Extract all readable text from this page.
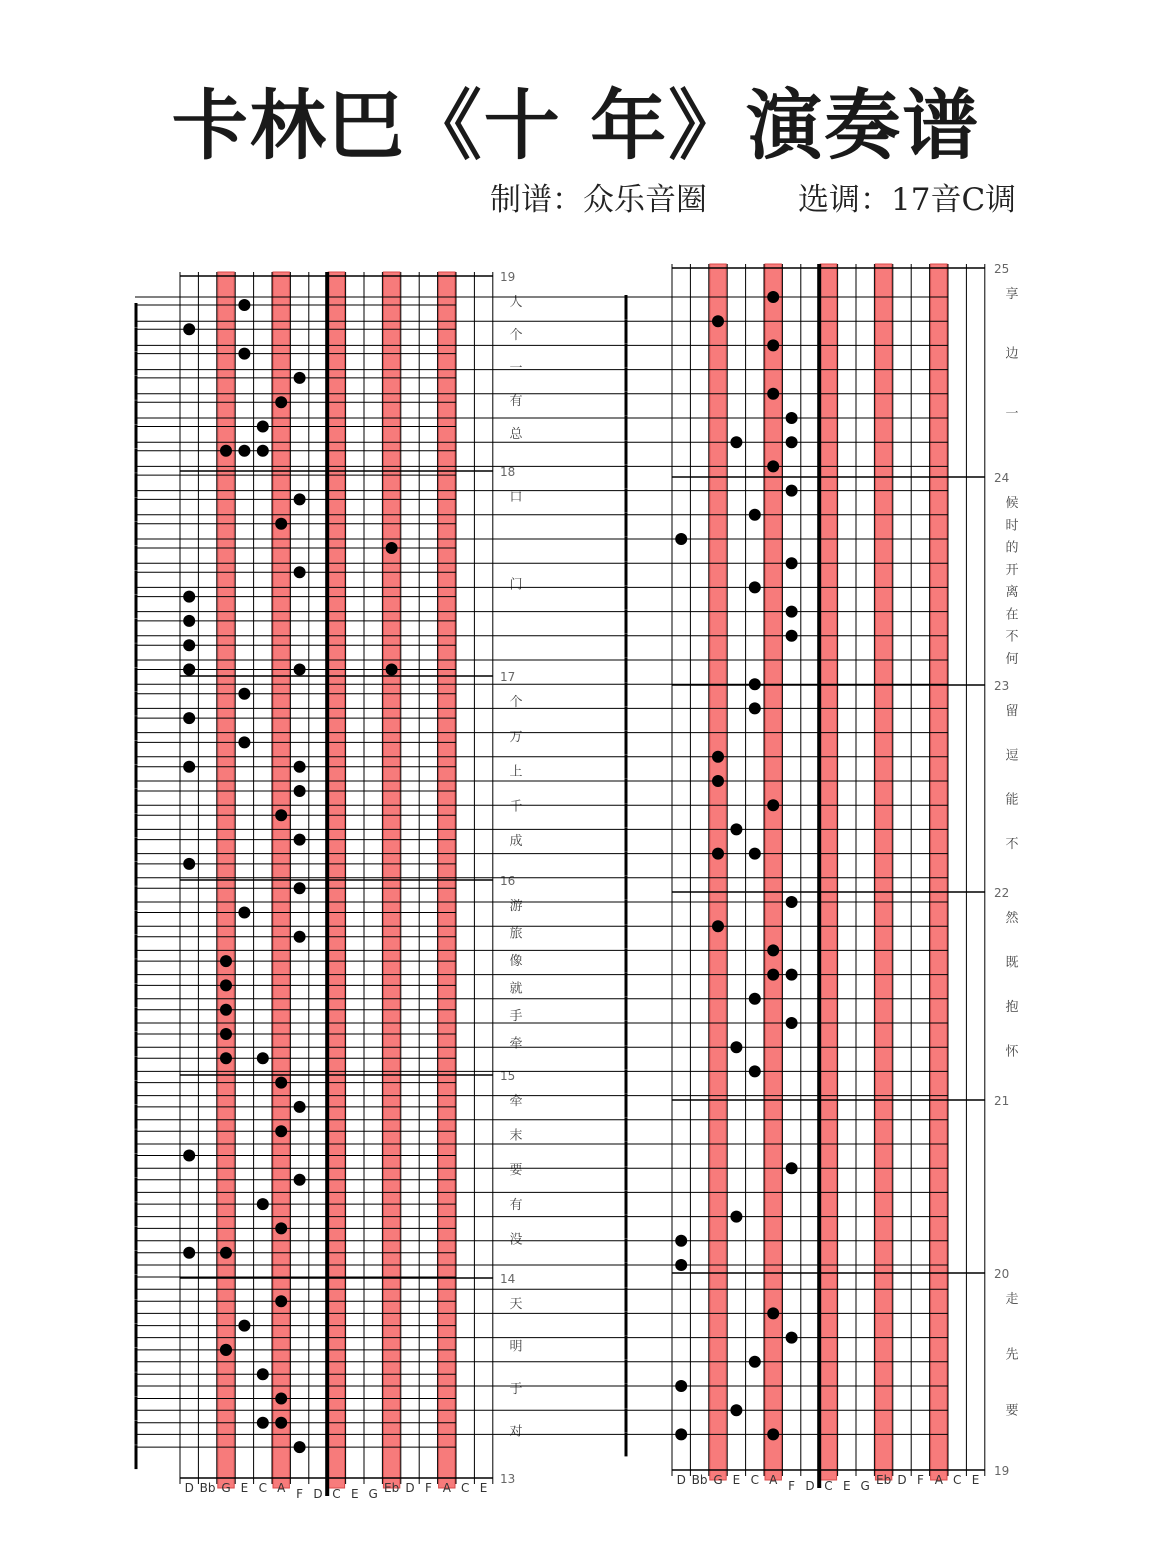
卡林巴《十 年》演奏谱
制谱：众乐音圈	选调：17音C调
19
人
个
一
有
总
18
口
门
17
个
万
上
千
成
16
游
旅
像
就
手
牵
15
牵
末
要
有
没
14
天
明
于
对
13
D Bb G E C A F D C E G Eb D F A C E
25
享
边
一
24
候
时
的
开
离
在
不
何
23
留
逗
能
不
22
然
既
抱
怀
21
20
走
先
要
19
D Bb G E C A F D C E G Eb D F A C E
